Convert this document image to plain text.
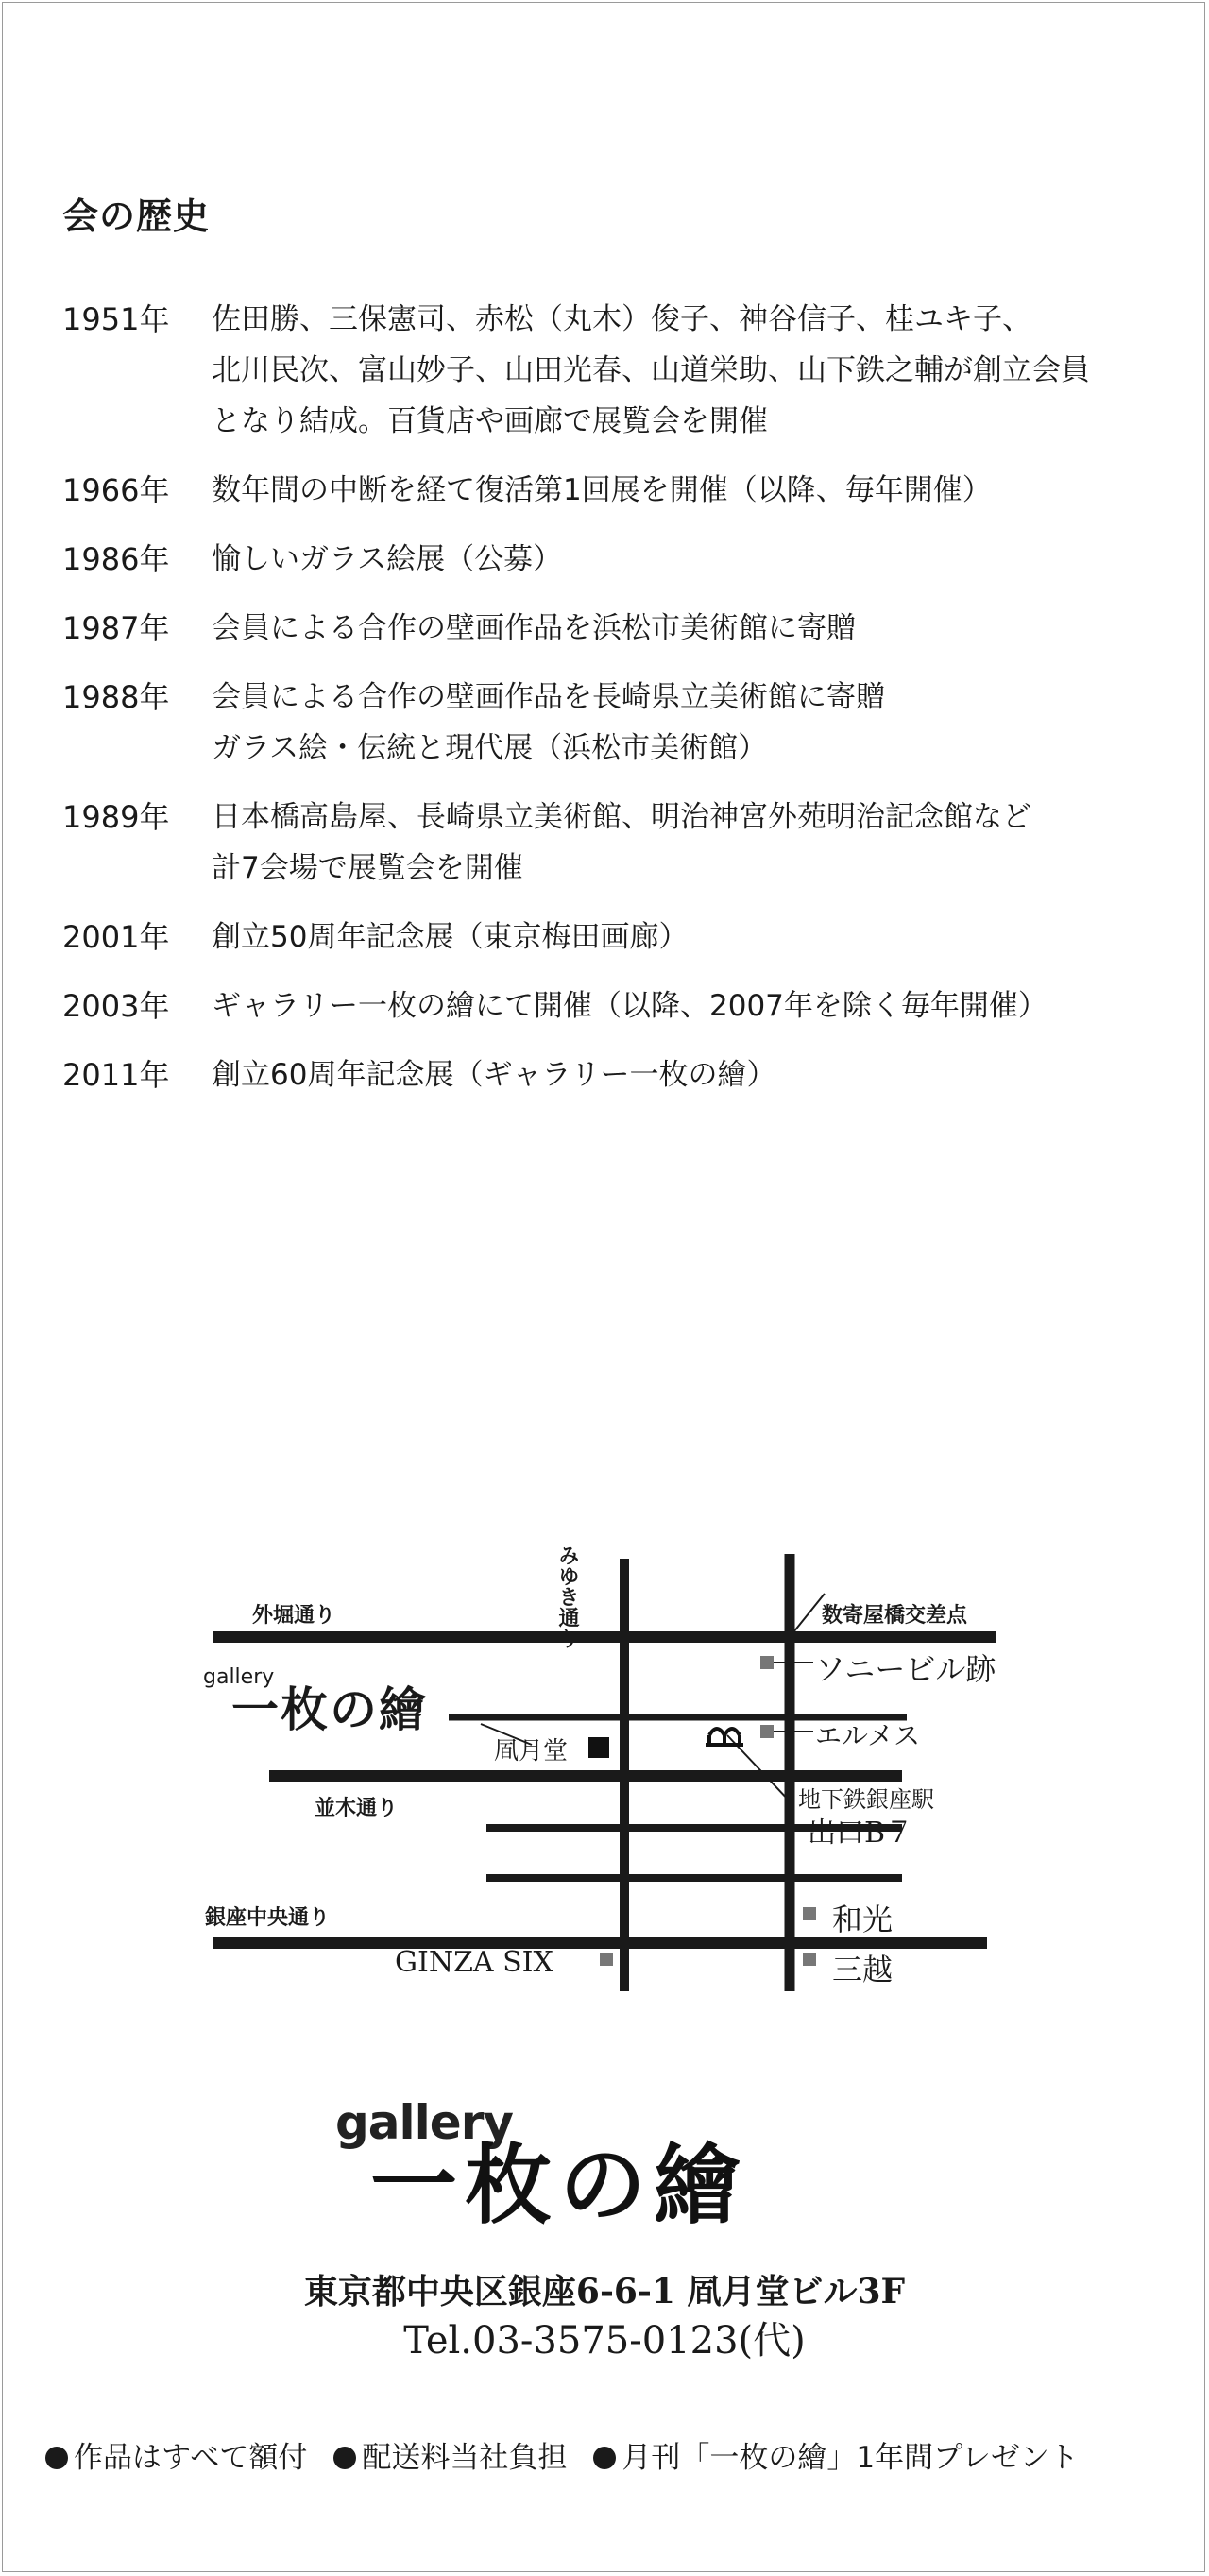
会の歴史
1951年	佐田勝、三保憲司、赤松（丸木）俊子、神谷信子、桂ユキ子、
北川民次、富山妙子、山田光春、山道栄助、山下鉄之輔が創立会員
となり結成。百貨店や画廊で展覧会を開催
1966年	数年間の中断を経て復活第1回展を開催（以降、毎年開催）
1986年	愉しいガラス絵展（公募）
1987年	会員による合作の壁画作品を浜松市美術館に寄贈
1988年	会員による合作の壁画作品を長崎県立美術館に寄贈
ガラス絵・伝統と現代展（浜松市美術館）
1989年	日本橋高島屋、長崎県立美術館、明治神宮外苑明治記念館など
計7会場で展覧会を開催
2001年	創立50周年記念展（東京梅田画廊）
2003年	ギャラリー一枚の繪にて開催（以降、2007年を除く毎年開催）
2011年	創立60周年記念展（ギャラリー一枚の繪）
みゆき通り
外堀通り
並木通り
銀座中央通り
数寄屋橋交差点
ソニービル跡
エルメス
地下鉄銀座駅
出口B７
和光
三越
GINZA SIX
凮月堂
gallery
一枚の繪
gallery
一枚の繪
東京都中央区銀座6-6-1 凮月堂ビル3F
Tel.03-3575-0123(代)
作品はすべて額付	配送料当社負担	月刊「一枚の繪」1年間プレゼント
